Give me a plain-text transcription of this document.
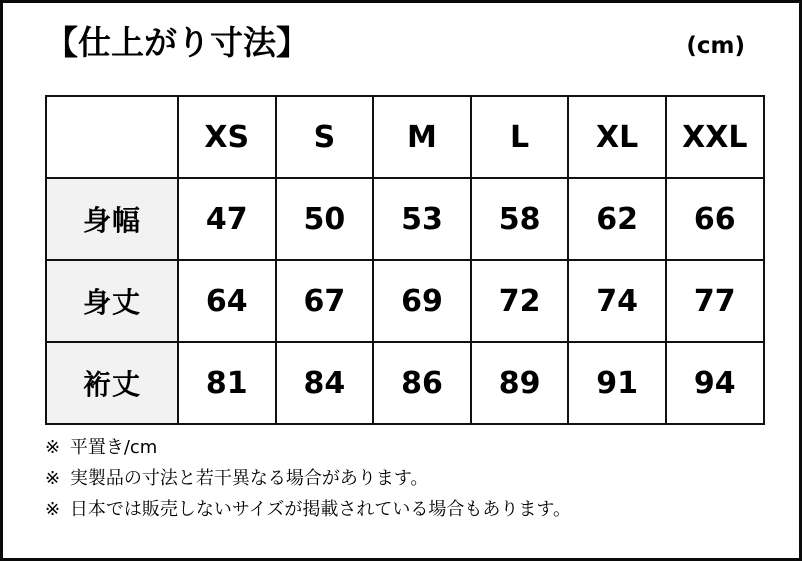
【仕上がり寸法】	(cm)
	XS	S	M	L	XL	XXL
身幅	47	50	53	58	62	66
身丈	64	67	69	72	74	77
裄丈	81	84	86	89	91	94
※ 平置き/cm
※ 実製品の寸法と若干異なる場合があります。
※ 日本では販売しないサイズが掲載されている場合もあります。
